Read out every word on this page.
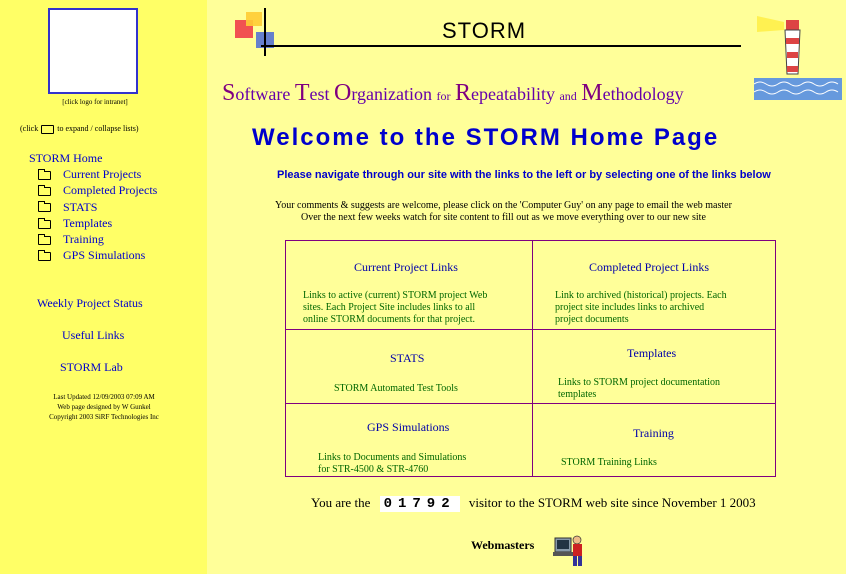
[click logo for intranet]
(click to expand / collapse lists)
STORM Home
Current Projects
Completed Projects
STATS
Templates
Training
GPS Simulations
Weekly Project Status
Useful Links
STORM Lab
Last Updated 12/09/2003 07:09 AM
Web page designed by W Gunkel
Copyright 2003 SiRF Technologies Inc
STORM
Software Test Organization for Repeatability and Methodology
Welcome to the STORM Home Page
Please navigate through our site with the links to the left or by selecting one of the links below
Your comments & suggests are welcome, please click on the 'Computer Guy' on any page to email the web master
Over the next few weeks watch for site content to fill out as we move everything over to our new site
Current Project Links
Links to active (current) STORM project Web
sites. Each Project Site includes links to all
online STORM documents for that project.
Completed Project Links
Link to archived (historical) projects. Each
project site includes links to archived
project documents
STATS
STORM Automated Test Tools
Templates
Links to STORM project documentation
templates
GPS Simulations
Links to Documents and Simulations
for STR-4500 & STR-4760
Training
STORM Training Links
You are the 01792 visitor to the STORM web site since November 1 2003
Webmasters
